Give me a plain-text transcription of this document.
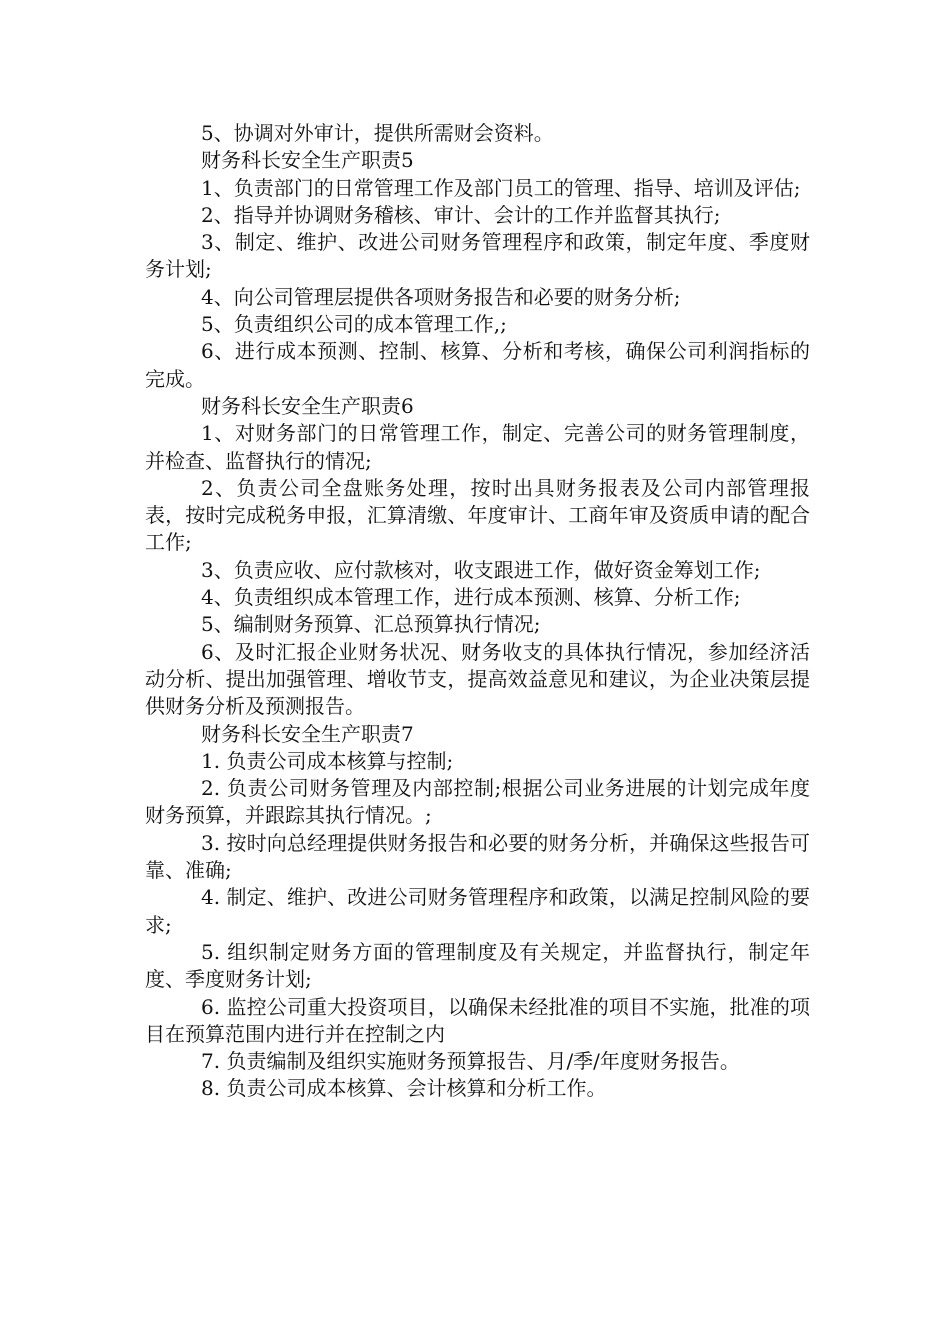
5、协调对外审计，提供所需财会资料。

财务科长安全生产职责5

1、负责部门的日常管理工作及部门员工的管理、指导、培训及评估;

2、指导并协调财务稽核、审计、会计的工作并监督其执行;

3、制定、维护、改进公司财务管理程序和政策，制定年度、季度财务计划;

4、向公司管理层提供各项财务报告和必要的财务分析;

5、负责组织公司的成本管理工作,;

6、进行成本预测、控制、核算、分析和考核，确保公司利润指标的完成。

财务科长安全生产职责6

1、对财务部门的日常管理工作，制定、完善公司的财务管理制度，并检查、监督执行的情况;

2、负责公司全盘账务处理，按时出具财务报表及公司内部管理报表，按时完成税务申报，汇算清缴、年度审计、工商年审及资质申请的配合工作;

3、负责应收、应付款核对，收支跟进工作，做好资金筹划工作;

4、负责组织成本管理工作，进行成本预测、核算、分析工作;

5、编制财务预算、汇总预算执行情况;

6、及时汇报企业财务状况、财务收支的具体执行情况，参加经济活动分析、提出加强管理、增收节支，提高效益意见和建议，为企业决策层提供财务分析及预测报告。

财务科长安全生产职责7

1. 负责公司成本核算与控制;

2. 负责公司财务管理及内部控制;根据公司业务进展的计划完成年度财务预算，并跟踪其执行情况。;

3. 按时向总经理提供财务报告和必要的财务分析，并确保这些报告可靠、准确;

4. 制定、维护、改进公司财务管理程序和政策，以满足控制风险的要求;

5. 组织制定财务方面的管理制度及有关规定，并监督执行，制定年度、季度财务计划;

6. 监控公司重大投资项目，以确保未经批准的项目不实施，批准的项目在预算范围内进行并在控制之内

7. 负责编制及组织实施财务预算报告、月/季/年度财务报告。

8. 负责公司成本核算、会计核算和分析工作。
